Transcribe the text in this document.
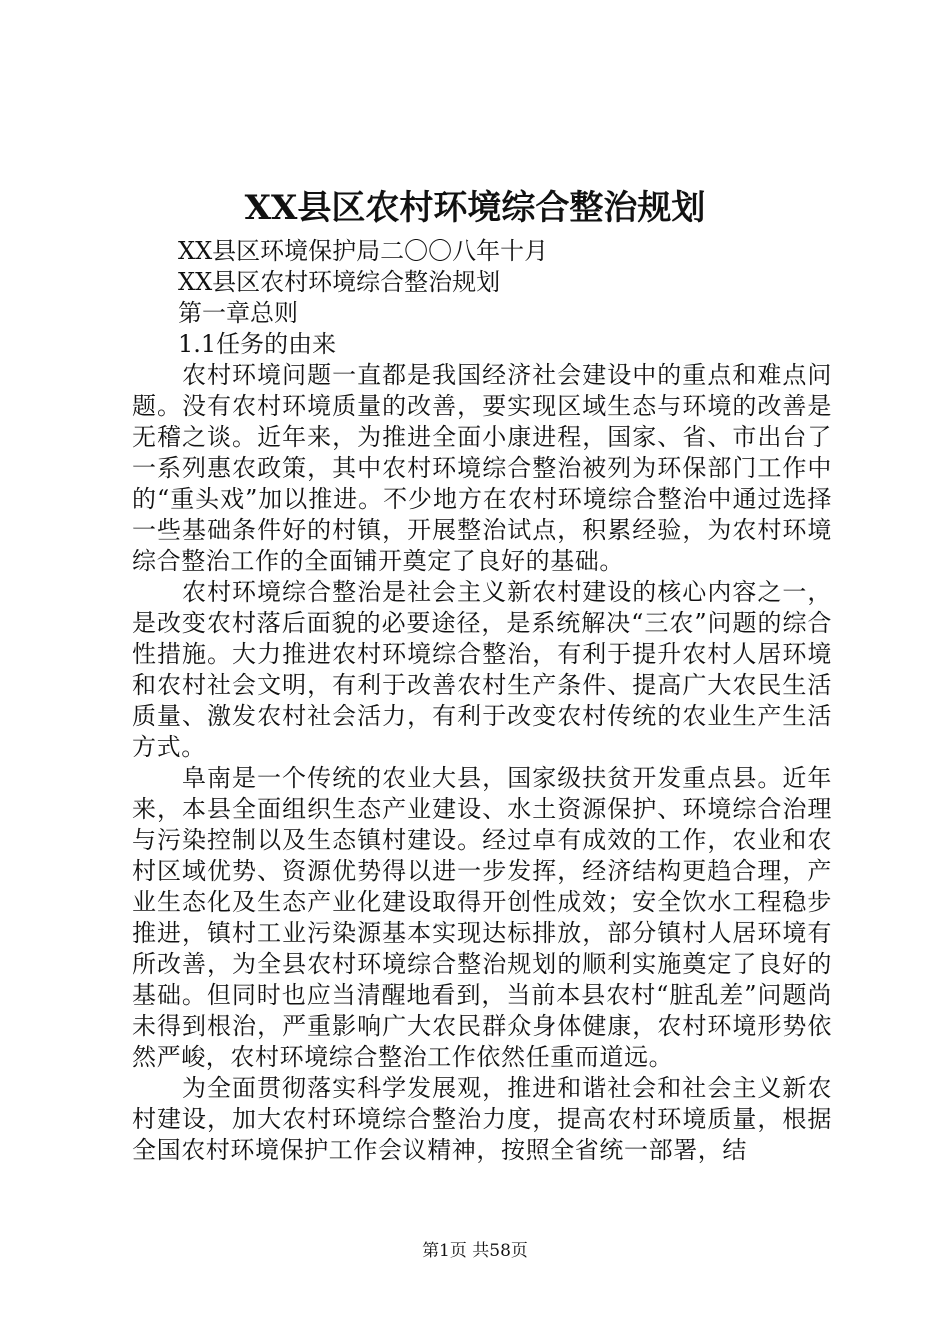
XX县区农村环境综合整治规划

XX县区环境保护局二〇〇八年十月

XX县区农村环境综合整治规划

第一章总则

1.1任务的由来

农村环境问题一直都是我国经济社会建设中的重点和难点问题。没有农村环境质量的改善，要实现区域生态与环境的改善是无稽之谈。近年来，为推进全面小康进程，国家、省、市出台了一系列惠农政策，其中农村环境综合整治被列为环保部门工作中的“重头戏”加以推进。不少地方在农村环境综合整治中通过选择一些基础条件好的村镇，开展整治试点，积累经验，为农村环境综合整治工作的全面铺开奠定了良好的基础。

农村环境综合整治是社会主义新农村建设的核心内容之一，是改变农村落后面貌的必要途径，是系统解决“三农”问题的综合性措施。大力推进农村环境综合整治，有利于提升农村人居环境和农村社会文明，有利于改善农村生产条件、提高广大农民生活质量、激发农村社会活力，有利于改变农村传统的农业生产生活方式。

阜南是一个传统的农业大县，国家级扶贫开发重点县。近年来，本县全面组织生态产业建设、水土资源保护、环境综合治理与污染控制以及生态镇村建设。经过卓有成效的工作，农业和农村区域优势、资源优势得以进一步发挥，经济结构更趋合理，产业生态化及生态产业化建设取得开创性成效；安全饮水工程稳步推进，镇村工业污染源基本实现达标排放，部分镇村人居环境有所改善，为全县农村环境综合整治规划的顺利实施奠定了良好的基础。但同时也应当清醒地看到，当前本县农村“脏乱差”问题尚未得到根治，严重影响广大农民群众身体健康，农村环境形势依然严峻，农村环境综合整治工作依然任重而道远。

为全面贯彻落实科学发展观，推进和谐社会和社会主义新农村建设，加大农村环境综合整治力度，提高农村环境质量，根据全国农村环境保护工作会议精神，按照全省统一部署，结

第1页 共58页
